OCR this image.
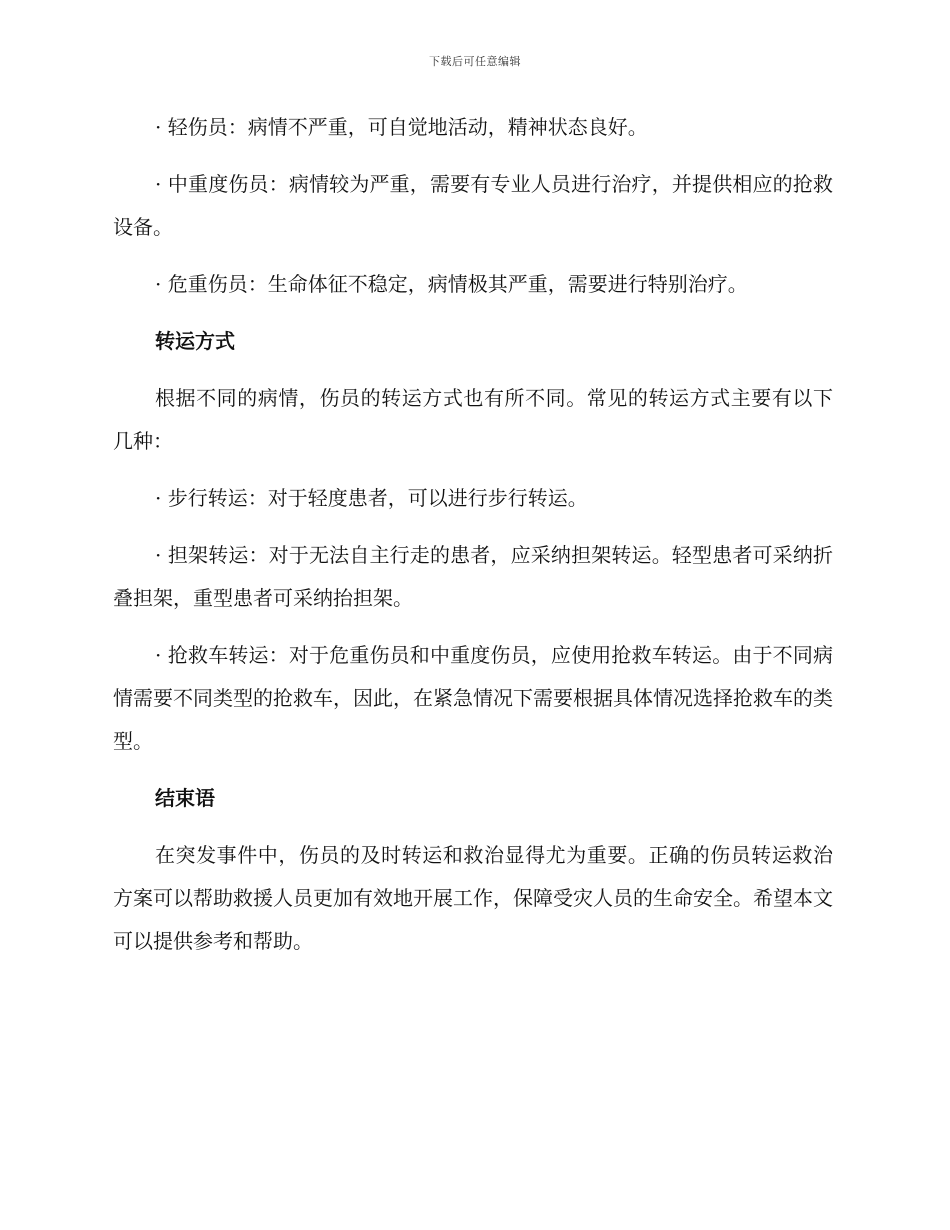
下载后可任意编辑

· 轻伤员：病情不严重，可自觉地活动，精神状态良好。

· 中重度伤员：病情较为严重，需要有专业人员进行治疗，并提供相应的抢救设备。

· 危重伤员：生命体征不稳定，病情极其严重，需要进行特别治疗。

转运方式

根据不同的病情，伤员的转运方式也有所不同。常见的转运方式主要有以下几种：

· 步行转运：对于轻度患者，可以进行步行转运。

· 担架转运：对于无法自主行走的患者，应采纳担架转运。轻型患者可采纳折叠担架，重型患者可采纳抬担架。

· 抢救车转运：对于危重伤员和中重度伤员，应使用抢救车转运。由于不同病情需要不同类型的抢救车，因此，在紧急情况下需要根据具体情况选择抢救车的类型。

结束语

在突发事件中，伤员的及时转运和救治显得尤为重要。正确的伤员转运救治方案可以帮助救援人员更加有效地开展工作，保障受灾人员的生命安全。希望本文可以提供参考和帮助。
